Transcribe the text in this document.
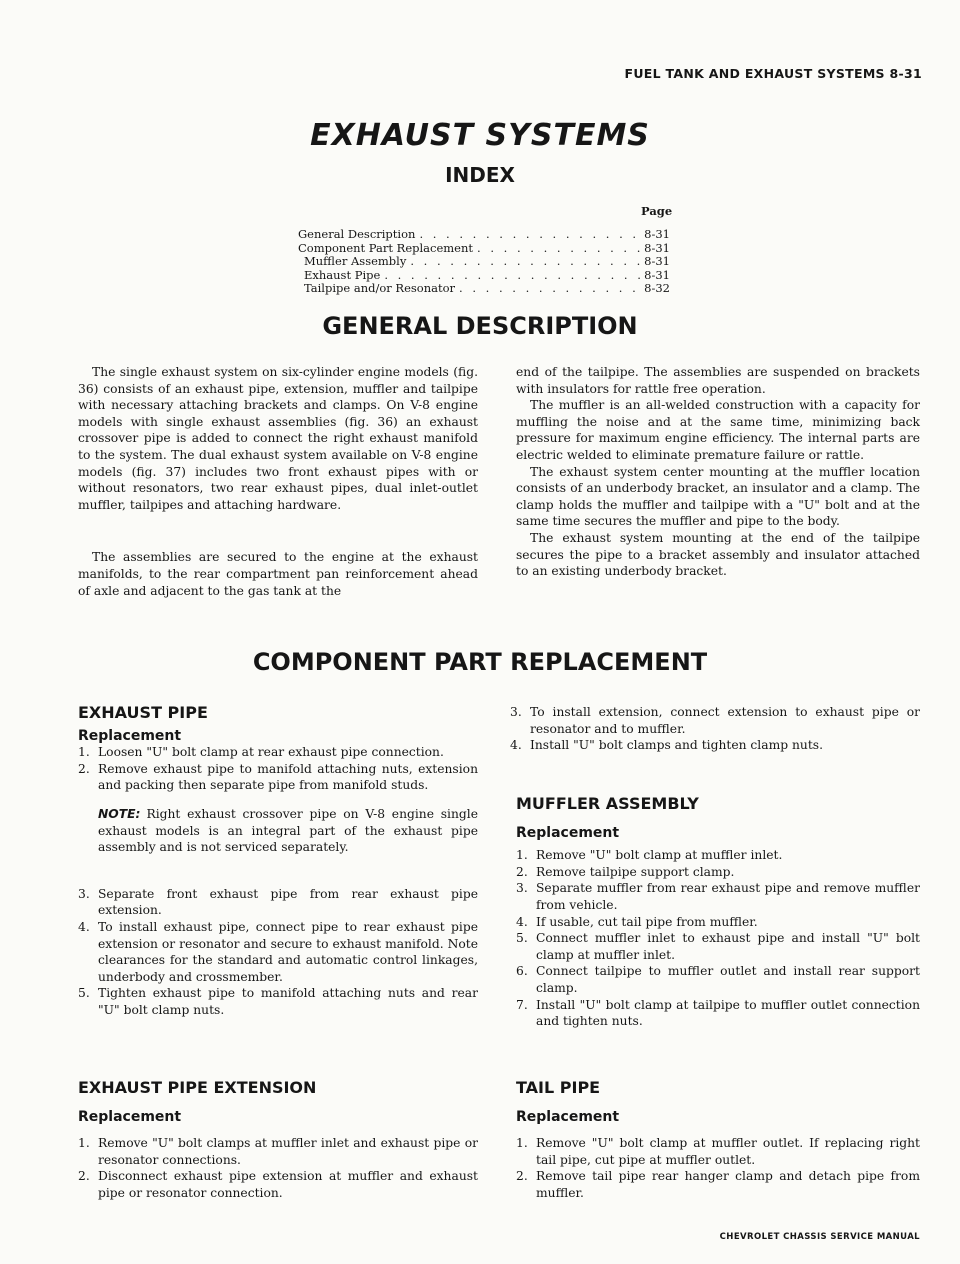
FUEL TANK AND EXHAUST SYSTEMS 8-31
EXHAUST SYSTEMS
INDEX
Page
General Description . . .	8-31
Component Part Replacement . . .	8-31
Muffler Assembly . . .	8-31
Exhaust Pipe . . .	8-31
Tailpipe and/or Resonator . . .	8-32
GENERAL DESCRIPTION

The single exhaust system on six-cylinder engine models (fig. 36) consists of an exhaust pipe, extension, muffler and tailpipe with necessary attaching brackets and clamps. On V-8 engine models with single exhaust assemblies (fig. 36) an exhaust crossover pipe is added to connect the right exhaust manifold to the system. The dual exhaust system available on V-8 engine models (fig. 37) includes two front exhaust pipes with or without resonators, two rear exhaust pipes, dual inlet-outlet muffler, tailpipes and attaching hardware.

The assemblies are secured to the engine at the exhaust manifolds, to the rear compartment pan reinforcement ahead of axle and adjacent to the gas tank at the

end of the tailpipe. The assemblies are suspended on brackets with insulators for rattle free operation.

The muffler is an all-welded construction with a capacity for muffling the noise and at the same time, minimizing back pressure for maximum engine efficiency. The internal parts are electric welded to eliminate premature failure or rattle.

The exhaust system center mounting at the muffler location consists of an underbody bracket, an insulator and a clamp. The clamp holds the muffler and tailpipe with a "U" bolt and at the same time secures the muffler and pipe to the body.

The exhaust system mounting at the end of the tailpipe secures the pipe to a bracket assembly and insulator attached to an existing underbody bracket.

COMPONENT PART REPLACEMENT
EXHAUST PIPE
Replacement
1. Loosen "U" bolt clamp at rear exhaust pipe connection.
2. Remove exhaust pipe to manifold attaching nuts, extension and packing then separate pipe from manifold studs.
NOTE: Right exhaust crossover pipe on V-8 engine single exhaust models is an integral part of the exhaust pipe assembly and is not serviced separately.
3. Separate front exhaust pipe from rear exhaust pipe extension.
4. To install exhaust pipe, connect pipe to rear exhaust pipe extension or resonator and secure to exhaust manifold. Note clearances for the standard and automatic control linkages, underbody and crossmember.
5. Tighten exhaust pipe to manifold attaching nuts and rear "U" bolt clamp nuts.
EXHAUST PIPE EXTENSION
Replacement
1. Remove "U" bolt clamps at muffler inlet and exhaust pipe or resonator connections.
2. Disconnect exhaust pipe extension at muffler and exhaust pipe or resonator connection.
3. To install extension, connect extension to exhaust pipe or resonator and to muffler.
4. Install "U" bolt clamps and tighten clamp nuts.
MUFFLER ASSEMBLY
Replacement
1. Remove "U" bolt clamp at muffler inlet.
2. Remove tailpipe support clamp.
3. Separate muffler from rear exhaust pipe and remove muffler from vehicle.
4. If usable, cut tail pipe from muffler.
5. Connect muffler inlet to exhaust pipe and install "U" bolt clamp at muffler inlet.
6. Connect tailpipe to muffler outlet and install rear support clamp.
7. Install "U" bolt clamp at tailpipe to muffler outlet connection and tighten nuts.
TAIL PIPE
Replacement
1. Remove "U" bolt clamp at muffler outlet. If replacing right tail pipe, cut pipe at muffler outlet.
2. Remove tail pipe rear hanger clamp and detach pipe from muffler.
CHEVROLET CHASSIS SERVICE MANUAL
